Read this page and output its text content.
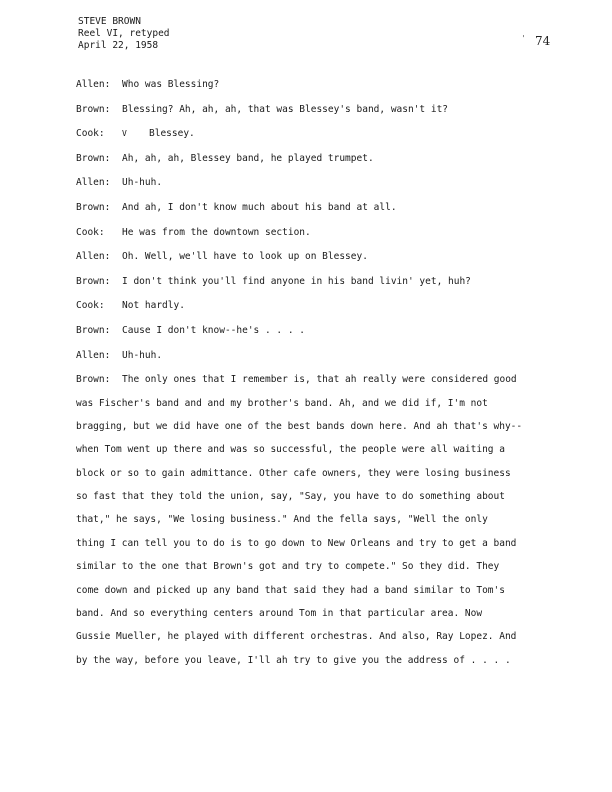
STEVE BROWN
Reel VI, retyped
April 22, 1958
' 74
Allen: Who was Blessing?
Brown: Blessing? Ah, ah, ah, that was Blessey's band, wasn't it?
Cook: V Blessey.
Brown: Ah, ah, ah, Blessey band, he played trumpet.
Allen: Uh-huh.
Brown: And ah, I don't know much about his band at all.
Cook: He was from the downtown section.
Allen: Oh. Well, we'll have to look up on Blessey.
Brown: I don't think you'll find anyone in his band livin' yet, huh?
Cook: Not hardly.
Brown: Cause I don't know--he's . . . .
Allen: Uh-huh.
Brown: The only ones that I remember is, that ah really were considered good
was Fischer's band and and my brother's band. Ah, and we did if, I'm not
bragging, but we did have one of the best bands down here. And ah that's why--
when Tom went up there and was so successful, the people were all waiting a
block or so to gain admittance. Other cafe owners, they were losing business
so fast that they told the union, say, "Say, you have to do something about
that," he says, "We losing business." And the fella says, "Well the only
thing I can tell you to do is to go down to New Orleans and try to get a band
similar to the one that Brown's got and try to compete." So they did. They
come down and picked up any band that said they had a band similar to Tom's
band. And so everything centers around Tom in that particular area. Now
Gussie Mueller, he played with different orchestras. And also, Ray Lopez. And
by the way, before you leave, I'll ah try to give you the address of . . . .
